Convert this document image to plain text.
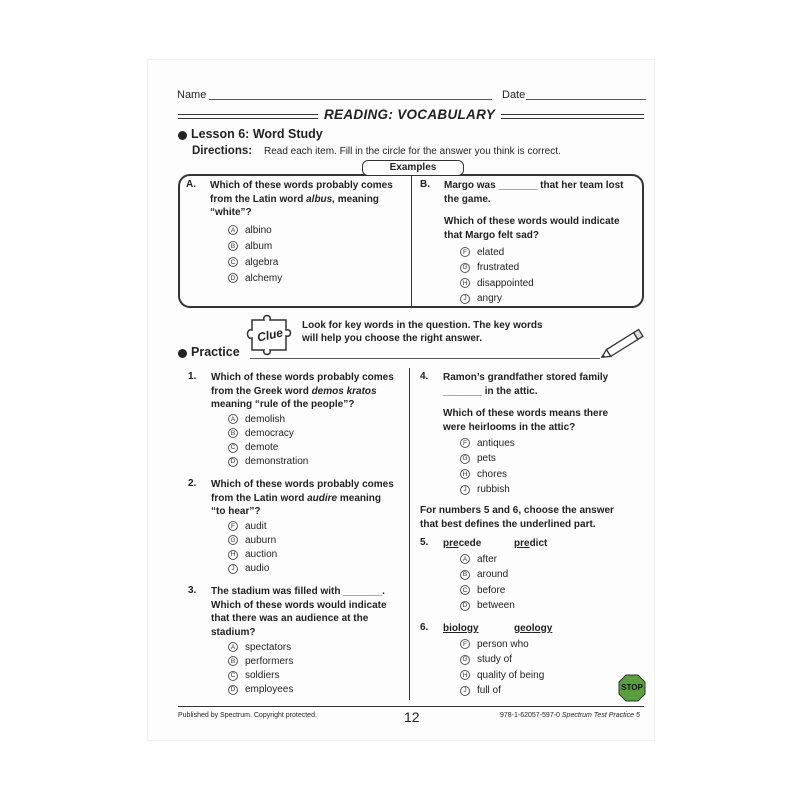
Name	Date
READING: VOCABULARY
Lesson 6: Word Study
Directions: Read each item. Fill in the circle for the answer you think is correct.
Examples
A. Which of these words probably comes
from the Latin word albus, meaning
“white”?
A albino
B album
C algebra
D alchemy
B. Margo was _______ that her team lost
the game.
Which of these words would indicate
that Margo felt sad?
F	elated
G frustrated
H disappointed
J	angry
Clue Look for key words in the question. The key words
will help you choose the right answer.
Practice
1. Which of these words probably comes
from the Greek word demos kratos
meaning “rule of the people”?
A demolish
B democracy
C demote
D demonstration
2. Which of these words probably comes
from the Latin word audire meaning
“to hear”?
F	audit
G auburn
H auction
J	audio
3. The stadium was filled with _______.
Which of these words would indicate
that there was an audience at the
stadium?
A spectators
B performers
C soldiers
D employees
4. Ramon’s grandfather stored family
_______ in the attic.
Which of these words means there
were heirlooms in the attic?
F	antiques
G pets
H chores
J	rubbish
For numbers 5 and 6, choose the answer
that best defines the underlined part.
5. precede	predict
A after
B around
C before
D between
6. biology	geology
F	person who
G study of
H quality of being
J	full of	STOP
Published by Spectrum. Copyright protected.	12	978-1-62057-597-0 Spectrum Test Practice 5
